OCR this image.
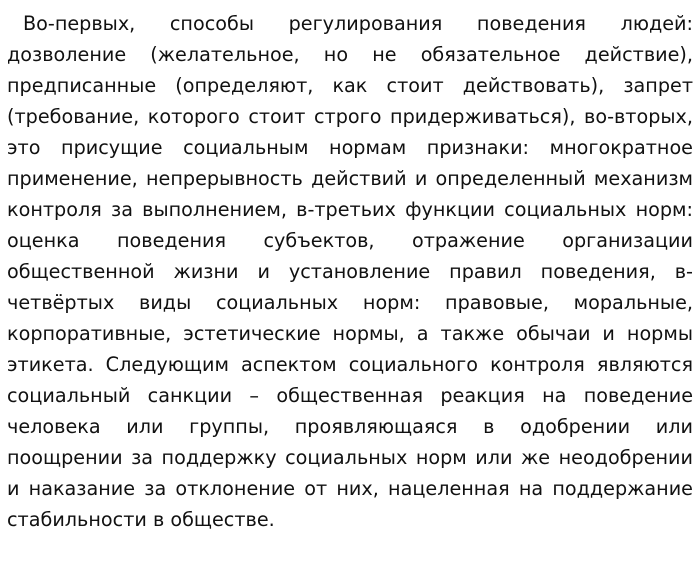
Во-первых, способы регулирования поведения людей: дозволение (желательное, но не обязательное действие), предписанные (определяют, как стоит действовать), запрет (требование, которого стоит строго придерживаться), во-вторых, это присущие социальным нормам признаки: многократное применение, непрерывность действий и определенный механизм контроля за выполнением, в-третьих функции социальных норм: оценка поведения субъектов, отражение организации общественной жизни и установление правил поведения, в-четвёртых виды социальных норм: правовые, моральные, корпоративные, эстетические нормы, а также обычаи и нормы этикета. Следующим аспектом социального контроля являются социальный санкции – общественная реакция на поведение человека или группы, проявляющаяся в одобрении или поощрении за поддержку социальных норм или же неодобрении и наказание за отклонение от них, нацеленная на поддержание стабильности в обществе.
